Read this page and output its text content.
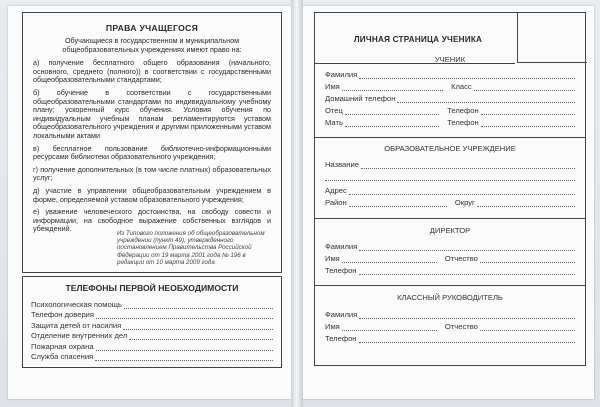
ПРАВА УЧАЩЕГОСЯ
Обучающиеся в государственном и муниципальном общеобразовательных учреждениях имеют право на:

а) получение бесплатного общего образования (начального, основного, среднего (полного)) в соответствии с государственными общеобразовательными стандартами;

б) обучение в соответствии с государственными общеобразовательными стандартами по индивидуальному учебному плану; ускоренный курс обучения. Условия обучения по индивидуальным учебным планам регламентируются уставом общеобразовательного учреждения и другими приложенными уставом локальными актами

в) бесплатное пользование библиотечно-информационными ресурсами библиотеки образовательного учреждения;

г) получение дополнительных (в том числе платных) образовательных услуг;

д) участие в управлении общеобразовательным учреждением в форме, определяемой уставом образовательного учреждения;

е) уважение человеческого достоинства, на свободу совести и информации, на свободное выражение собственных взглядов и убеждений.

Из Типового положения об общеобразовательном учреждении (пункт 49), утвержденного постановлением Правительства Российской Федерации от 19 марта 2001 года № 196 в редакции от 10 марта 2009 года
ТЕЛЕФОНЫ ПЕРВОЙ НЕОБХОДИМОСТИ
Психологическая помощь
Телефон доверия
Защита детей от насилия
Отделение внутренних дел
Пожарная охрана
Служба спасения
ЛИЧНАЯ СТРАНИЦА УЧЕНИКА
УЧЕНИК
Фамилия
Имя	Класс
Домашний телефон
Отец	Телефон
Мать	Телефон
ОБРАЗОВАТЕЛЬНОЕ УЧРЕЖДЕНИЕ
Название
Адрес
Район	Округ
ДИРЕКТОР
Фамилия
Имя	Отчество
Телефон
КЛАССНЫЙ РУКОВОДИТЕЛЬ
Фамилия
Имя	Отчество
Телефон
